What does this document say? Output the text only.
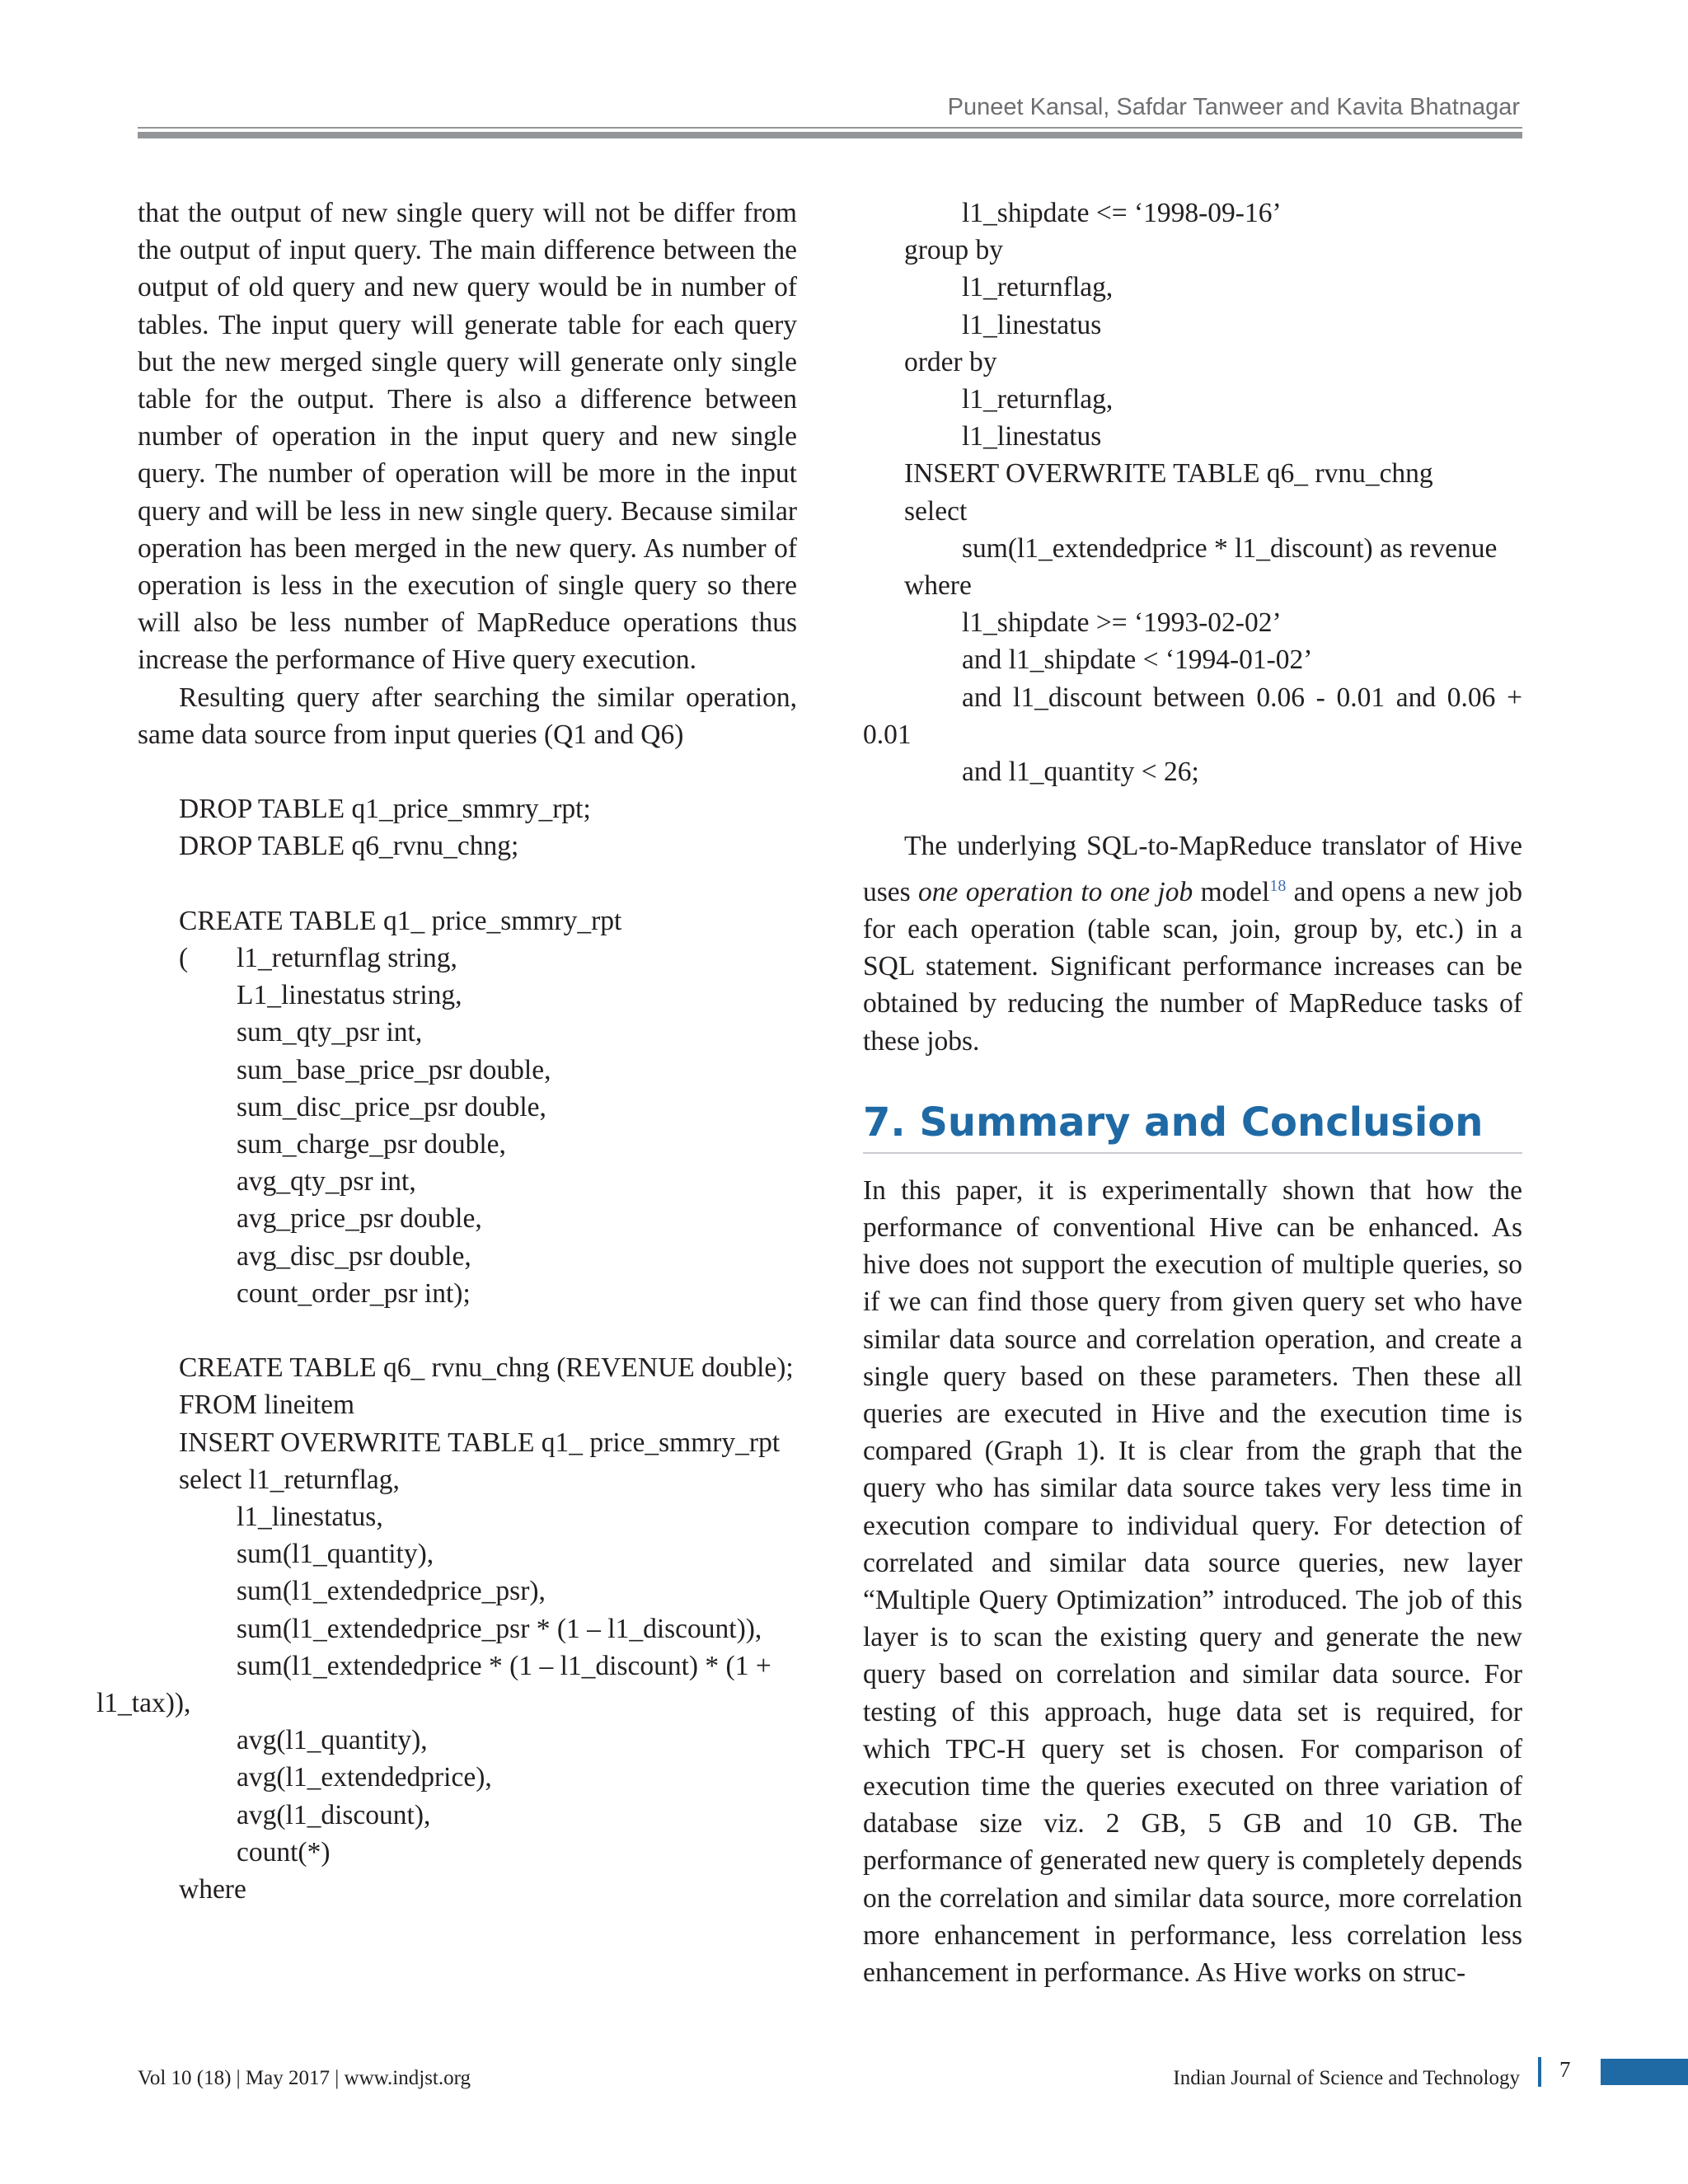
Puneet Kansal, Safdar Tanweer and Kavita Bhatnagar

that the output of new single query will not be differ from the output of input query. The main difference between the output of old query and new query would be in number of tables. The input query will generate table for each query but the new merged single query will generate only single table for the output. There is also a difference between number of operation in the input query and new single query. The number of operation will be more in the input query and will be less in new single query. Because similar operation has been merged in the new query. As number of operation is less in the execution of single query so there will also be less number of MapReduce operations thus increase the performance of Hive query execution.

Resulting query after searching the similar operation, same data source from input queries (Q1 and Q6)

DROP TABLE q1_price_smmry_rpt;
DROP TABLE q6_rvnu_chng;
CREATE TABLE q1_ price_smmry_rpt
( l1_returnflag string,
L1_linestatus string,
sum_qty_psr int,
sum_base_price_psr double,
sum_disc_price_psr double,
sum_charge_psr double,
avg_qty_psr int,
avg_price_psr double,
avg_disc_psr double,
count_order_psr int);
CREATE TABLE q6_ rvnu_chng (REVENUE double);
FROM lineitem
INSERT OVERWRITE TABLE q1_ price_smmry_rpt
select l1_returnflag,
l1_linestatus,
sum(l1_quantity),
sum(l1_extendedprice_psr),
sum(l1_extendedprice_psr * (1 – l1_discount)),
sum(l1_extendedprice * (1 – l1_discount) * (1 + l1_tax)),
avg(l1_quantity),
avg(l1_extendedprice),
avg(l1_discount),
count(*)
where
l1_shipdate <= ‘1998-09-16’
group by
l1_returnflag,
l1_linestatus
order by
l1_returnflag,
l1_linestatus
INSERT OVERWRITE TABLE q6_ rvnu_chng
select
sum(l1_extendedprice * l1_discount) as revenue
where
l1_shipdate >= ‘1993-02-02’
and l1_shipdate < ‘1994-01-02’
and l1_discount between 0.06 - 0.01 and 0.06 + 0.01
and l1_quantity < 26;

The underlying SQL-to-MapReduce translator of Hive uses one operation to one job model$^{18}$ and opens a new job for each operation (table scan, join, group by, etc.) in a SQL statement. Significant performance increases can be obtained by reducing the number of MapReduce tasks of these jobs.

7. Summary and Conclusion

In this paper, it is experimentally shown that how the performance of conventional Hive can be enhanced. As hive does not support the execution of multiple queries, so if we can find those query from given query set who have similar data source and correlation operation, and create a single query based on these parameters. Then these all queries are executed in Hive and the execution time is compared (Graph 1). It is clear from the graph that the query who has similar data source takes very less time in execution compare to individual query. For detection of correlated and similar data source queries, new layer “Multiple Query Optimization” introduced. The job of this layer is to scan the existing query and generate the new query based on correlation and similar data source. For testing of this approach, huge data set is required, for which TPC-H query set is chosen. For comparison of execution time the queries executed on three variation of database size viz. 2 GB, 5 GB and 10 GB. The performance of generated new query is completely depends on the correlation and similar data source, more correlation more enhancement in performance, less correlation less enhancement in performance. As Hive works on struc-

Vol 10 (18) | May 2017 | www.indjst.org	Indian Journal of Science and Technology 7
